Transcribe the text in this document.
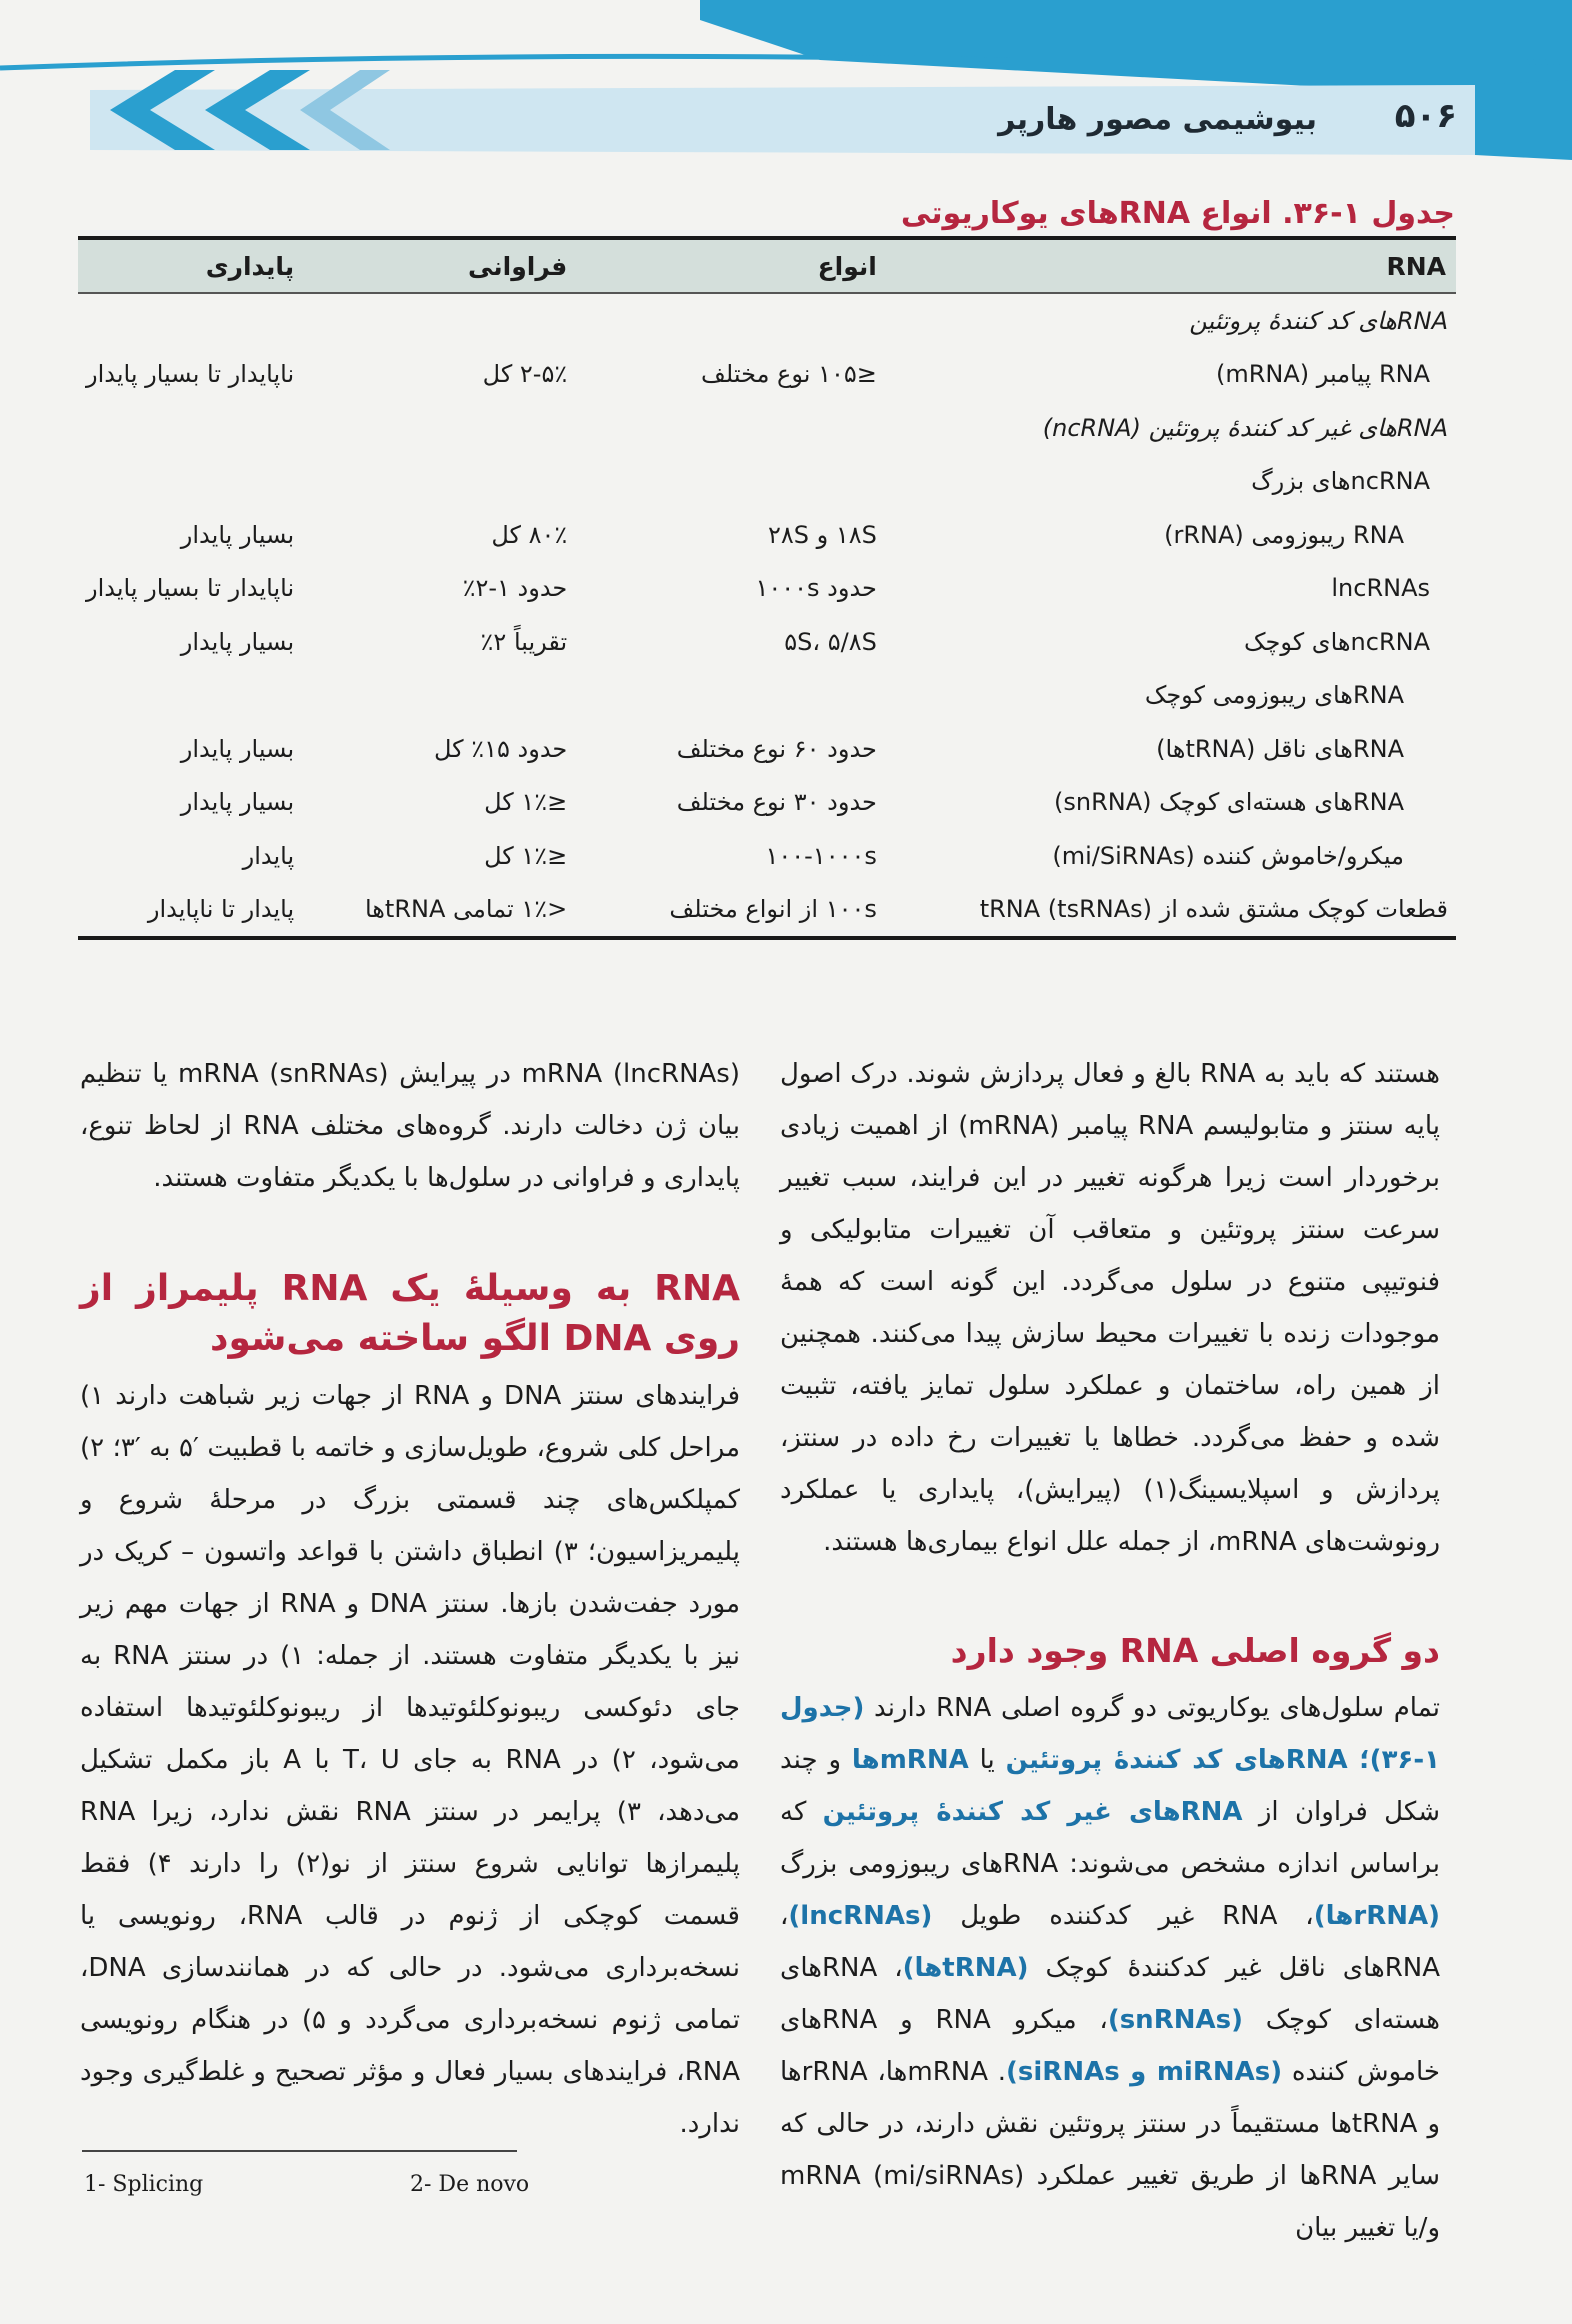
بیوشیمی مصور هارپر ۵۰۶
جدول ۱-۳۶. انواع RNAهای یوکاریوتی
RNA	انواع	فراوانی	پایداری
RNAهای کد کنندهٔ پروتئین			
RNA پیامبر (mRNA)	≤۱۰۵ نوع مختلف	۲-۵٪ کل	ناپایدار تا بسیار پایدار
RNAهای غیر کد کنندهٔ پروتئین (ncRNA)			
ncRNAهای بزرگ			
RNA ریبوزومی (rRNA)	۱۸S و ۲۸S	۸۰٪ کل	بسیار پایدار
lncRNAs	حدود ۱۰۰۰s	حدود ۱-۲٪	ناپایدار تا بسیار پایدار
ncRNAهای کوچک	۵S، ۵/۸S	تقریباً ۲٪	بسیار پایدار
RNAهای ریبوزومی کوچک			
RNAهای ناقل (tRNAها)	حدود ۶۰ نوع مختلف	حدود ۱۵٪ کل	بسیار پایدار
RNAهای هسته‌ای کوچک (snRNA)	حدود ۳۰ نوع مختلف	≤۱٪ کل	بسیار پایدار
میکرو/خاموش کننده (mi/SiRNAs)	۱۰۰-۱۰۰۰s	≤۱٪ کل	پایدار
قطعات کوچک مشتق شده از tRNA (tsRNAs)	۱۰۰s از انواع مختلف	<۱٪ تمامی tRNAها	پایدار تا ناپایدار

هستند که باید به RNA بالغ و فعال پردازش شوند. درک اصول پایه سنتز و متابولیسم RNA پیامبر (mRNA) از اهمیت زیادی برخوردار است زیرا هرگونه تغییر در این فرایند، سبب تغییر سرعت سنتز پروتئین و متعاقب آن تغییرات متابولیکی و فنوتیپی متنوع در سلول می‌گردد. این گونه است که همهٔ موجودات زنده با تغییرات محیط سازش پیدا می‌کنند. همچنین از همین راه، ساختمان و عملکرد سلول تمایز یافته، تثبیت شده و حفظ می‌گردد. خطاها یا تغییرات رخ داده در سنتز، پردازش و اسپلایسینگ(۱) (پیرایش)، پایداری یا عملکرد رونوشت‌های mRNA، از جمله علل انواع بیماری‌ها هستند.

دو گروه اصلی RNA وجود دارد

تمام سلول‌های یوکاریوتی دو گروه اصلی RNA دارند (جدول ۱-۳۶)؛ RNAهای کد کنندهٔ پروتئین یا mRNAها و چند شکل فراوان از RNAهای غیر کد کنندهٔ پروتئین که براساس اندازه مشخص می‌شوند: RNAهای ریبوزومی بزرگ (rRNAها)، RNA غیر کدکننده طویل (lncRNAs)، RNAهای ناقل غیر کدکنندهٔ کوچک (tRNAها)، RNAهای هسته‌ای کوچک (snRNAs)، میکرو RNA و RNAهای خاموش کننده (miRNAs و siRNAs). mRNAها، rRNAها و tRNAها مستقیماً در سنتز پروتئین نقش دارند، در حالی که سایر RNAها از طریق تغییر عملکرد mRNA (mi/siRNAs) و/یا تغییر بیان

mRNA (lncRNAs) در پیرایش (snRNAs) mRNA یا تنظیم بیان ژن دخالت دارند. گروه‌های مختلف RNA از لحاظ تنوع، پایداری و فراوانی در سلول‌ها با یکدیگر متفاوت هستند.

RNA به وسیلهٔ یک RNA پلیمراز از روی DNA الگو ساخته می‌شود

فرایندهای سنتز DNA و RNA از جهات زیر شباهت دارند ۱) مراحل کلی شروع، طویل‌سازی و خاتمه با قطبیت ′۵ به ′۳؛ ۲) کمپلکس‌های چند قسمتی بزرگ در مرحلهٔ شروع و پلیمریزاسیون؛ ۳) انطباق داشتن با قواعد واتسون – کریک در مورد جفت‌شدن بازها. سنتز DNA و RNA از جهات مهم زیر نیز با یکدیگر متفاوت هستند. از جمله: ۱) در سنتز RNA به جای دئوکسی ریبونوکلئوتیدها از ریبونوکلئوتیدها استفاده می‌شود، ۲) در RNA به جای T، U با A باز مکمل تشکیل می‌دهد، ۳) پرایمر در سنتز RNA نقش ندارد، زیرا RNA پلیمرازها توانایی شروع سنتز از نو(۲) را دارند ۴) فقط قسمت کوچکی از ژنوم در قالب RNA، رونویسی یا نسخه‌برداری می‌شود. در حالی که در همانندسازی DNA، تمامی ژنوم نسخه‌برداری می‌گردد و ۵) در هنگام رونویسی RNA، فرایندهای بسیار فعال و مؤثر تصحیح و غلط‌گیری وجود ندارد.

1- Splicing	2- De novo
